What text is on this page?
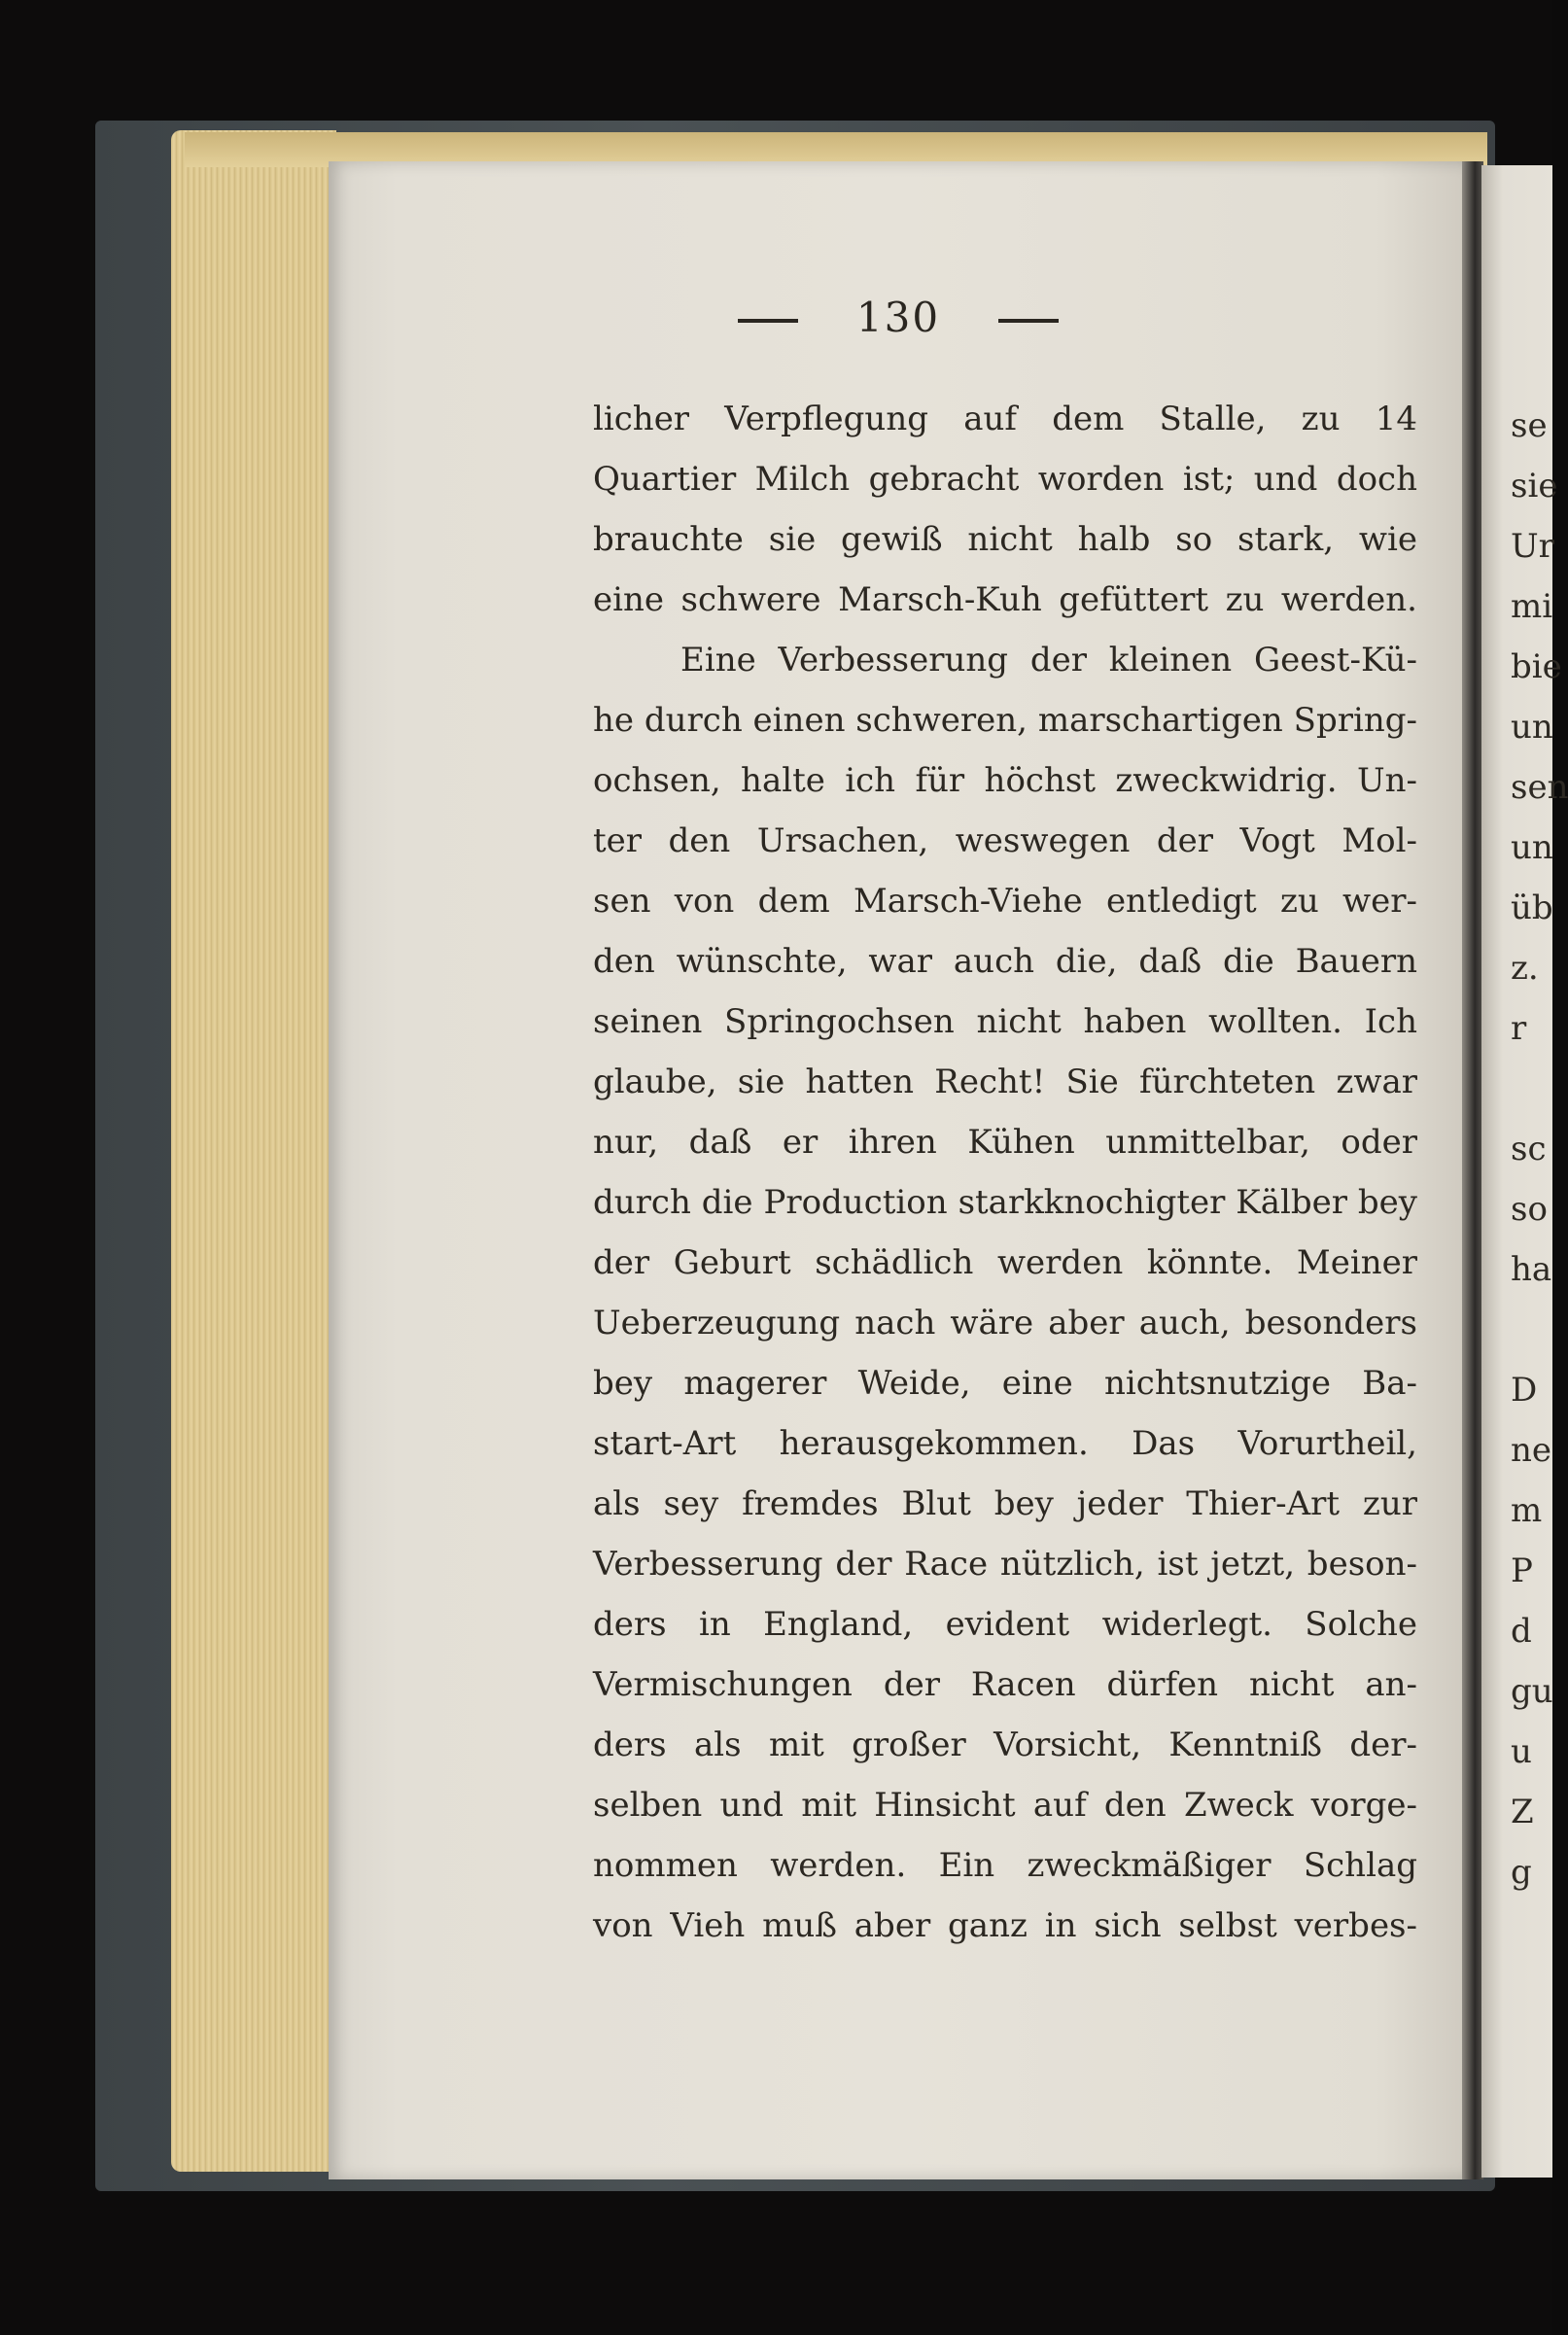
130
licher Verpflegung auf dem Stalle, zu 14
Quartier Milch gebracht worden ist; und doch
brauchte sie gewiß nicht halb so stark, wie
eine schwere Marsch-Kuh gefüttert zu werden.
Eine Verbesserung der kleinen Geest-Kü-
he durch einen schweren, marschartigen Spring-
ochsen, halte ich für höchst zweckwidrig. Un-
ter den Ursachen, weswegen der Vogt Mol-
sen von dem Marsch-Viehe entledigt zu wer-
den wünschte, war auch die, daß die Bauern
seinen Springochsen nicht haben wollten. Ich
glaube, sie hatten Recht! Sie fürchteten zwar
nur, daß er ihren Kühen unmittelbar, oder
durch die Production starkknochigter Kälber bey
der Geburt schädlich werden könnte. Meiner
Ueberzeugung nach wäre aber auch, besonders
bey magerer Weide, eine nichtsnutzige Ba-
start-Art herausgekommen. Das Vorurtheil,
als sey fremdes Blut bey jeder Thier-Art zur
Verbesserung der Race nützlich, ist jetzt, beson-
ders in England, evident widerlegt. Solche
Vermischungen der Racen dürfen nicht an-
ders als mit großer Vorsicht, Kenntniß der-
selben und mit Hinsicht auf den Zweck vorge-
nommen werden. Ein zweckmäßiger Schlag
von Vieh muß aber ganz in sich selbst verbes-
se
sie
Ur
mi
bie
un
sen
un
üb
z.
r
sc
so
ha
D
ne
m
P
d
gu
u
Z
g
